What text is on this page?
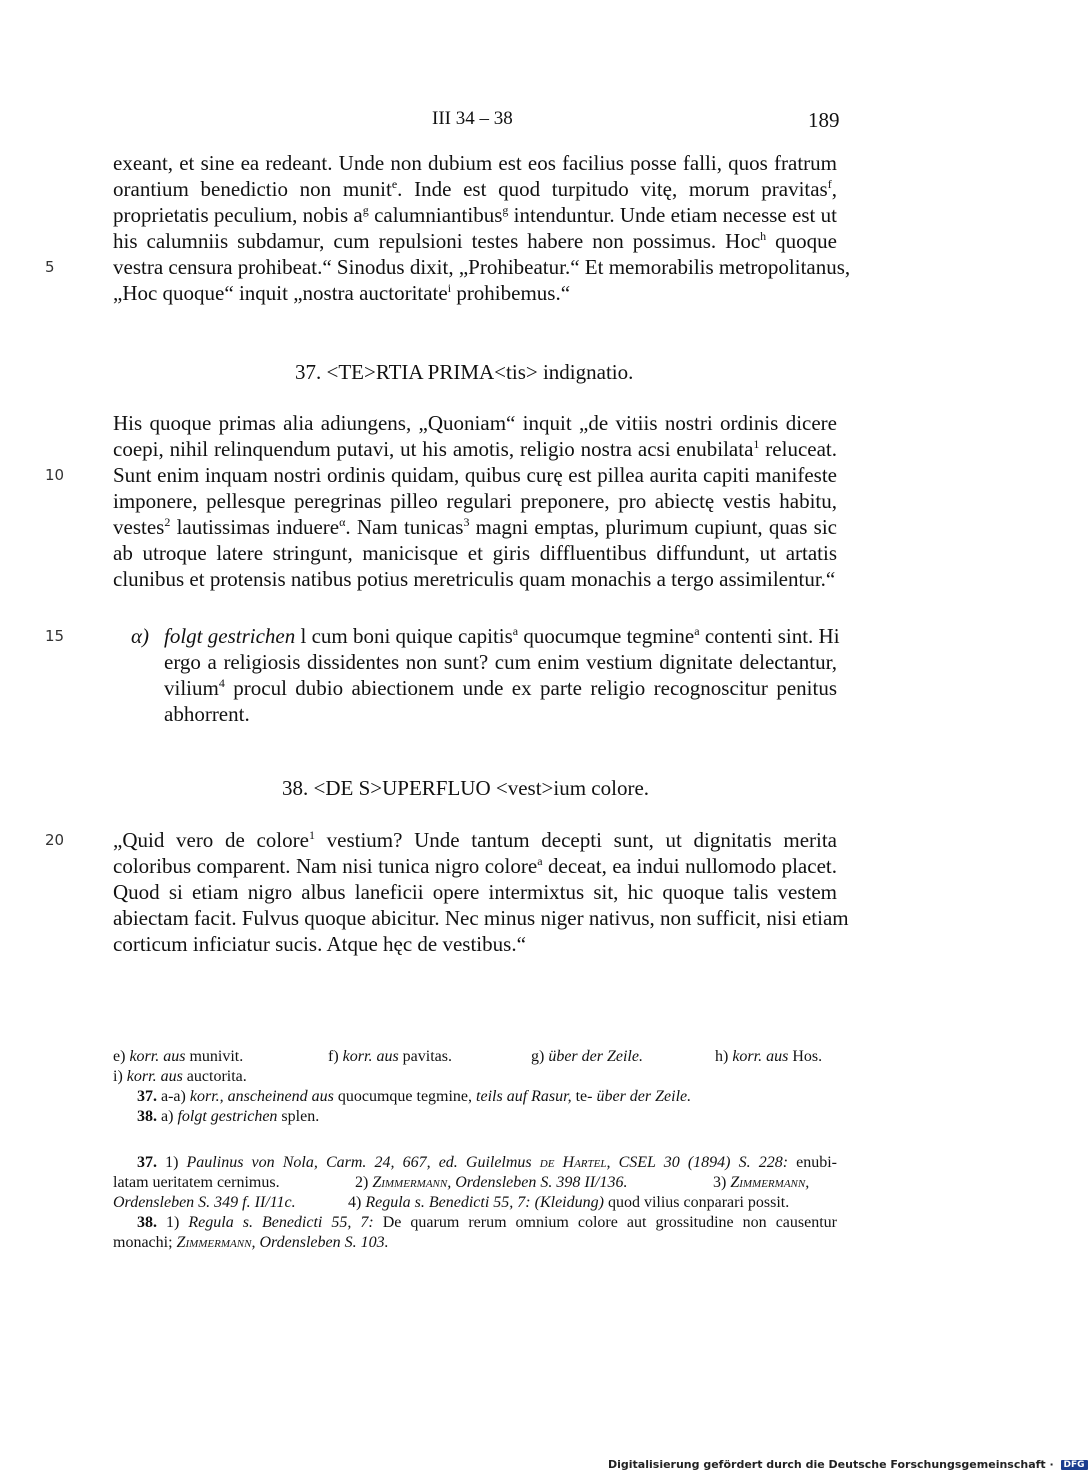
III 34 – 38	189
exeant, et sine ea redeant. Unde non dubium est eos facilius posse falli, quos fratrum
orantium benedictio non munit$^e$. Inde est quod turpitudo vitę, morum pravitas$^f$,
proprietatis peculium, nobis $a^g$ calumniantibus$^g$ intenduntur. Unde etiam necesse est ut
his calumniis subdamur, cum repulsioni testes habere non possimus. Hoc$^h$ quoque
5	vestra censura prohibeat.“ Sinodus dixit, „Prohibeatur.“ Et memorabilis metropolitanus,
„Hoc quoque“ inquit „nostra auctoritate$^i$ prohibemus.“
37. <TE>RTIA PRIMA<tis> indignatio.
His quoque primas alia adiungens, „Quoniam“ inquit „de vitiis nostri ordinis dicere
coepi, nihil relinquendum putavi, ut his amotis, religio nostra acsi enubilata$^1$ reluceat.
10 Sunt enim inquam nostri ordinis quidam, quibus curę est pillea aurita capiti manifeste
imponere, pellesque peregrinas pilleo regulari preponere, pro abiectę vestis habitu,
vestes$^2$ lautissimas induere$^\alpha$. Nam tunicas$^3$ magni emptas, plurimum cupiunt, quas sic
ab utroque latere stringunt, manicisque et giris diffluentibus diffundunt, ut artatis
clunibus et protensis natibus potius meretriculis quam monachis a tergo assimilentur.“
α)
15	folgt gestrichen l cum boni quique capitis$^a$ quocumque tegmine$^a$ contenti sint. Hi
ergo a religiosis dissidentes non sunt? cum enim vestium dignitate delectantur,
vilium$^4$ procul dubio abiectionem unde ex parte religio recognoscitur penitus
abhorrent.
38. <DE S>UPERFLUO <vest>ium colore.
20 „Quid vero de colore$^1$ vestium? Unde tantum decepti sunt, ut dignitatis merita
coloribus comparent. Nam nisi tunica nigro colore$^a$ deceat, ea indui nullomodo placet.
Quod si etiam nigro albus laneficii opere intermixtus sit, hic quoque talis vestem
abiectam facit. Fulvus quoque abicitur. Nec minus niger nativus, non sufficit, nisi etiam
corticum inficiatur sucis. Atque hęc de vestibus.“
e) korr. aus munivit.	f) korr. aus pavitas.	g) über der Zeile.	h) korr. aus Hos.
i) korr. aus auctorita.
37. a-a) korr., anscheinend aus quocumque tegmine, teils auf Rasur, te- über der Zeile.
38. a) folgt gestrichen splen.
37. 1) Paulinus von Nola, Carm. 24, 667, ed. Guilelmus de Hartel, CSEL 30 (1894) S. 228: enubi-
latam ueritatem cernimus.	2) Zimmermann, Ordensleben S. 398 II/136.	3) Zimmermann,
Ordensleben S. 349 f. II/11c.	4) Regula s. Benedicti 55, 7: (Kleidung) quod vilius conparari possit.
38. 1) Regula s. Benedicti 55, 7: De quarum rerum omnium colore aut grossitudine non causentur
monachi; Zimmermann, Ordensleben S. 103.
Digitalisierung gefördert durch die Deutsche Forschungsgemeinschaft · DFG
